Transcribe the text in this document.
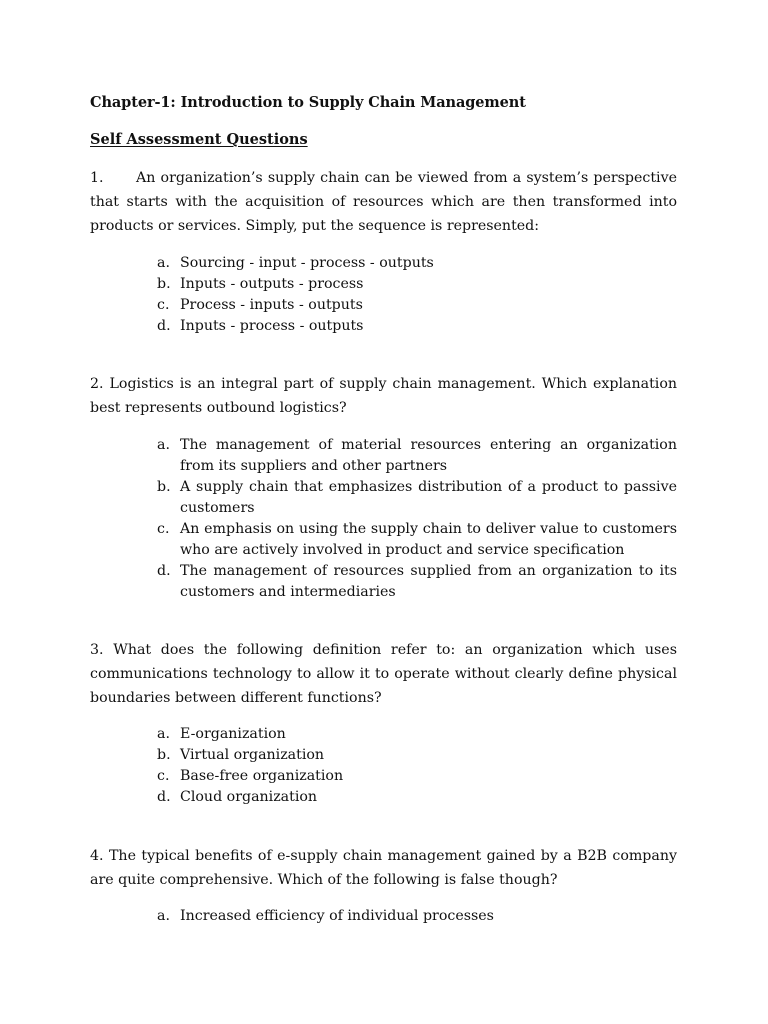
Chapter-1: Introduction to Supply Chain Management
Self Assessment Questions
1. An organization’s supply chain can be viewed from a system’s perspective that starts with the acquisition of resources which are then transformed into products or services. Simply, put the sequence is represented:
a. Sourcing - input - process - outputs
b. Inputs - outputs - process
c. Process - inputs - outputs
d. Inputs - process - outputs
2. Logistics is an integral part of supply chain management. Which explanation best represents outbound logistics?
a. The management of material resources entering an organization from its suppliers and other partners
b. A supply chain that emphasizes distribution of a product to passive customers
c. An emphasis on using the supply chain to deliver value to customers who are actively involved in product and service specification
d. The management of resources supplied from an organization to its customers and intermediaries
3. What does the following definition refer to: an organization which uses communications technology to allow it to operate without clearly define physical boundaries between different functions?
a. E-organization
b. Virtual organization
c. Base-free organization
d. Cloud organization
4. The typical benefits of e-supply chain management gained by a B2B company are quite comprehensive. Which of the following is false though?
a. Increased efficiency of individual processes
